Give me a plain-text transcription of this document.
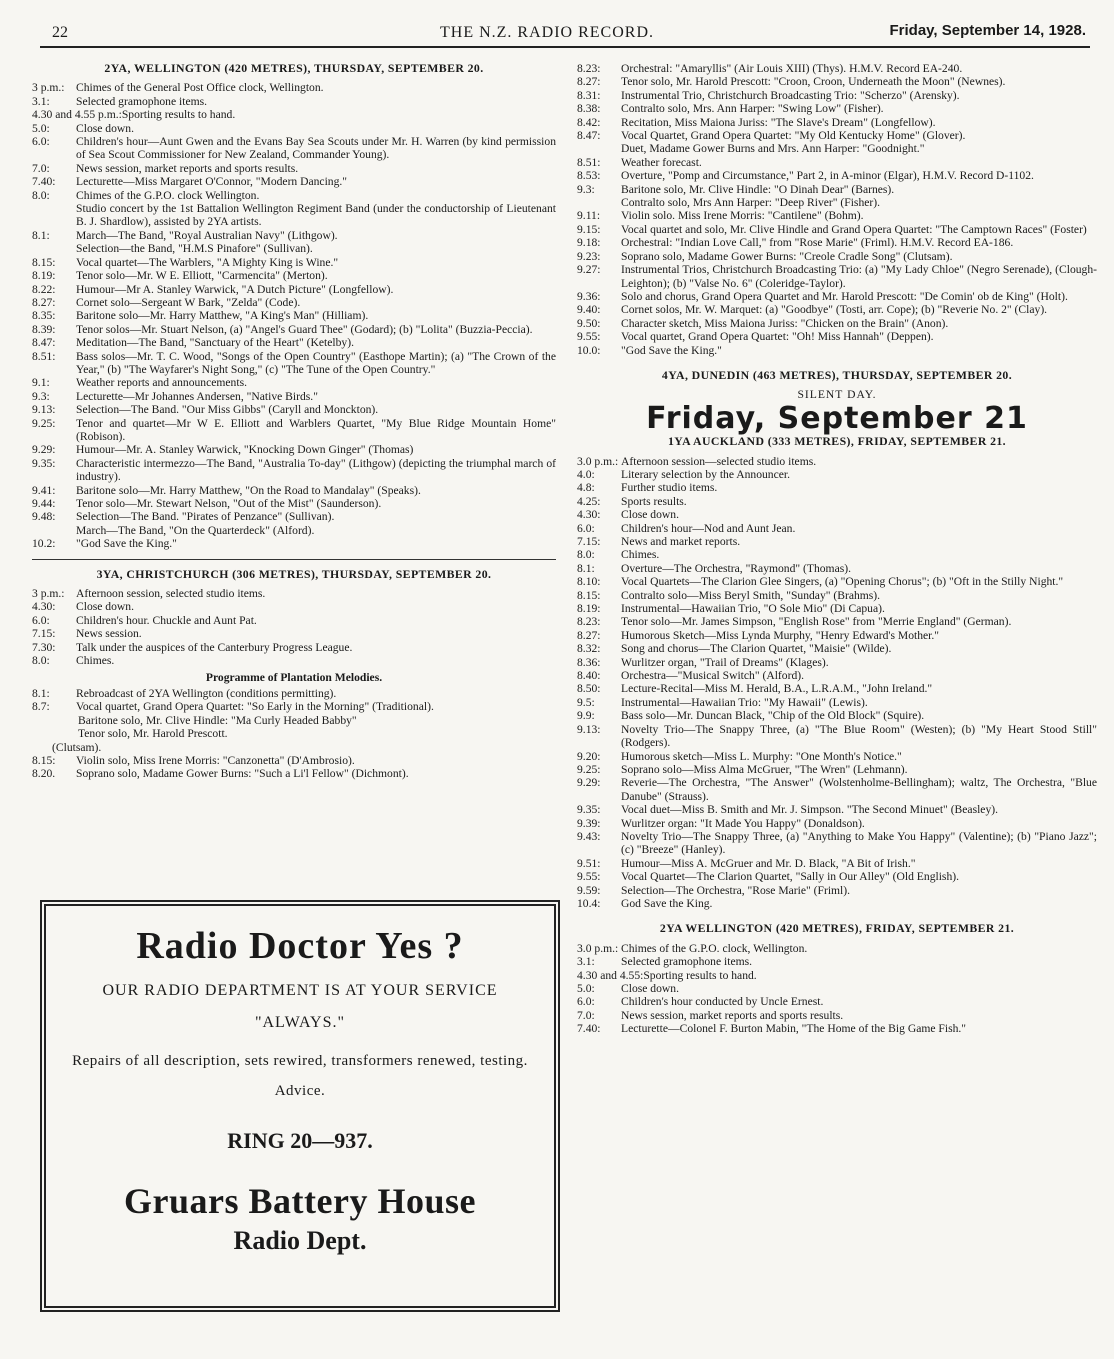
22	THE N.Z. RADIO RECORD.	Friday, September 14, 1928.
2YA, WELLINGTON (420 METRES), THURSDAY, SEPTEMBER 20.
3 p.m.: Chimes of the General Post Office clock, Wellington.
3.1:	Selected gramophone items.
4.30 and 4.55 p.m.: Sporting results to hand.
5.0:	Close down.
6.0:	Children's hour—Aunt Gwen and the Evans Bay Sea Scouts under Mr. H. Warren (by kind permission of Sea Scout Commissioner for New Zealand, Commander Young).
7.0:	News session, market reports and sports results.
7.40:	Lecturette—Miss Margaret O'Connor, "Modern Dancing."
8.0:	Chimes of the G.P.O. clock Wellington.
Studio concert by the 1st Battalion Wellington Regiment Band (under the conductorship of Lieutenant B. J. Shardlow), assisted by 2YA artists.
8.1:	March—The Band, "Royal Australian Navy" (Lithgow).
Selection—the Band, "H.M.S Pinafore" (Sullivan).
8.15:	Vocal quartet—The Warblers, "A Mighty King is Wine."
8.19:	Tenor solo—Mr. W E. Elliott, "Carmencita" (Merton).
8.22:	Humour—Mr A. Stanley Warwick, "A Dutch Picture" (Longfellow).
8.27:	Cornet solo—Sergeant W Bark, "Zelda" (Code).
8.35:	Baritone solo—Mr. Harry Matthew, "A King's Man" (Hilliam).
8.39:	Tenor solos—Mr. Stuart Nelson, (a) "Angel's Guard Thee" (Godard); (b) "Lolita" (Buzzia-Peccia).
8.47:	Meditation—The Band, "Sanctuary of the Heart" (Ketelby).
8.51:	Bass solos—Mr. T. C. Wood, "Songs of the Open Country" (Easthope Martin); (a) "The Crown of the Year," (b) "The Wayfarer's Night Song," (c) "The Tune of the Open Country."
9.1:	Weather reports and announcements.
9.3:	Lecturette—Mr Johannes Andersen, "Native Birds."
9.13:	Selection—The Band. "Our Miss Gibbs" (Caryll and Monckton).
9.25:	Tenor and quartet—Mr W E. Elliott and Warblers Quartet, "My Blue Ridge Mountain Home" (Robison).
9.29:	Humour—Mr. A. Stanley Warwick, "Knocking Down Ginger" (Thomas)
9.35:	Characteristic intermezzo—The Band, "Australia To-day" (Lithgow) (depicting the triumphal march of industry).
9.41:	Baritone solo—Mr. Harry Matthew, "On the Road to Mandalay" (Speaks).
9.44:	Tenor solo—Mr. Stewart Nelson, "Out of the Mist" (Saunderson).
9.48:	Selection—The Band. "Pirates of Penzance" (Sullivan).
March—The Band, "On the Quarterdeck" (Alford).
10.2:	"God Save the King."
3YA, CHRISTCHURCH (306 METRES), THURSDAY, SEPTEMBER 20.
3 p.m.: Afternoon session, selected studio items.
4.30:	Close down.
6.0:	Children's hour. Chuckle and Aunt Pat.
7.15:	News session.
7.30:	Talk under the auspices of the Canterbury Progress League.
8.0:	Chimes.
Programme of Plantation Melodies.
8.1:	Rebroadcast of 2YA Wellington (conditions permitting).
8.7:	Vocal quartet, Grand Opera Quartet: "So Early in the Morning" (Traditional).
Baritone solo, Mr. Clive Hindle: "Ma Curly Headed Babby"
Tenor solo, Mr. Harold Prescott.
(Clutsam).
8.15:	Violin solo, Miss Irene Morris: "Canzonetta" (D'Ambrosio).
8.20.	Soprano solo, Madame Gower Burns: "Such a Li'l Fellow" (Dichmont).
Radio Doctor Yes ?
OUR RADIO DEPARTMENT IS AT YOUR SERVICE
"ALWAYS."
Repairs of all description, sets rewired, transformers renewed, testing. Advice.
RING 20—937.
Gruars Battery House
Radio Dept.
8.23:	Orchestral: "Amaryllis" (Air Louis XIII) (Thys). H.M.V. Record EA-240.
8.27:	Tenor solo, Mr. Harold Prescott: "Croon, Croon, Underneath the Moon" (Newnes).
8.31:	Instrumental Trio, Christchurch Broadcasting Trio: "Scherzo" (Arensky).
8.38:	Contralto solo, Mrs. Ann Harper: "Swing Low" (Fisher).
8.42:	Recitation, Miss Maiona Juriss: "The Slave's Dream" (Longfellow).
8.47:	Vocal Quartet, Grand Opera Quartet: "My Old Kentucky Home" (Glover).
Duet, Madame Gower Burns and Mrs. Ann Harper: "Goodnight."
8.51:	Weather forecast.
8.53:	Overture, "Pomp and Circumstance," Part 2, in A-minor (Elgar), H.M.V. Record D-1102.
9.3:	Baritone solo, Mr. Clive Hindle: "O Dinah Dear" (Barnes).
Contralto solo, Mrs Ann Harper: "Deep River" (Fisher).
9.11:	Violin solo. Miss Irene Morris: "Cantilene" (Bohm).
9.15:	Vocal quartet and solo, Mr. Clive Hindle and Grand Opera Quartet: "The Camptown Races" (Foster)
9.18:	Orchestral: "Indian Love Call," from "Rose Marie" (Friml). H.M.V. Record EA-186.
9.23:	Soprano solo, Madame Gower Burns: "Creole Cradle Song" (Clutsam).
9.27:	Instrumental Trios, Christchurch Broadcasting Trio: (a) "My Lady Chloe" (Negro Serenade), (Clough-Leighton); (b) "Valse No. 6" (Coleridge-Taylor).
9.36:	Solo and chorus, Grand Opera Quartet and Mr. Harold Prescott: "De Comin' ob de King" (Holt).
9.40:	Cornet solos, Mr. W. Marquet: (a) "Goodbye" (Tosti, arr. Cope); (b) "Reverie No. 2" (Clay).
9.50:	Character sketch, Miss Maiona Juriss: "Chicken on the Brain" (Anon).
9.55:	Vocal quartet, Grand Opera Quartet: "Oh! Miss Hannah" (Deppen).
10.0:	"God Save the King."
4YA, DUNEDIN (463 METRES), THURSDAY, SEPTEMBER 20.
SILENT DAY.
Friday, September 21
1YA AUCKLAND (333 METRES), FRIDAY, SEPTEMBER 21.
3.0 p.m.: Afternoon session—selected studio items.
4.0:	Literary selection by the Announcer.
4.8:	Further studio items.
4.25:	Sports results.
4.30:	Close down.
6.0:	Children's hour—Nod and Aunt Jean.
7.15:	News and market reports.
8.0:	Chimes.
8.1:	Overture—The Orchestra, "Raymond" (Thomas).
8.10:	Vocal Quartets—The Clarion Glee Singers, (a) "Opening Chorus"; (b) "Oft in the Stilly Night."
8.15:	Contralto solo—Miss Beryl Smith, "Sunday" (Brahms).
8.19:	Instrumental—Hawaiian Trio, "O Sole Mio" (Di Capua).
8.23:	Tenor solo—Mr. James Simpson, "English Rose" from "Merrie England" (German).
8.27:	Humorous Sketch—Miss Lynda Murphy, "Henry Edward's Mother."
8.32:	Song and chorus—The Clarion Quartet, "Maisie" (Wilde).
8.36:	Wurlitzer organ, "Trail of Dreams" (Klages).
8.40:	Orchestra—"Musical Switch" (Alford).
8.50:	Lecture-Recital—Miss M. Herald, B.A., L.R.A.M., "John Ireland."
9.5:	Instrumental—Hawaiian Trio: "My Hawaii" (Lewis).
9.9:	Bass solo—Mr. Duncan Black, "Chip of the Old Block" (Squire).
9.13:	Novelty Trio—The Snappy Three, (a) "The Blue Room" (Westen); (b) "My Heart Stood Still" (Rodgers).
9.20:	Humorous sketch—Miss L. Murphy: "One Month's Notice."
9.25:	Soprano solo—Miss Alma McGruer, "The Wren" (Lehmann).
9.29:	Reverie—The Orchestra, "The Answer" (Wolstenholme-Bellingham); waltz, The Orchestra, "Blue Danube" (Strauss).
9.35:	Vocal duet—Miss B. Smith and Mr. J. Simpson. "The Second Minuet" (Beasley).
9.39:	Wurlitzer organ: "It Made You Happy" (Donaldson).
9.43:	Novelty Trio—The Snappy Three, (a) "Anything to Make You Happy" (Valentine); (b) "Piano Jazz"; (c) "Breeze" (Hanley).
9.51:	Humour—Miss A. McGruer and Mr. D. Black, "A Bit of Irish."
9.55:	Vocal Quartet—The Clarion Quartet, "Sally in Our Alley" (Old English).
9.59:	Selection—The Orchestra, "Rose Marie" (Friml).
10.4:	God Save the King.
2YA WELLINGTON (420 METRES), FRIDAY, SEPTEMBER 21.
3.0 p.m.: Chimes of the G.P.O. clock, Wellington.
3.1:	Selected gramophone items.
4.30 and 4.55: Sporting results to hand.
5.0:	Close down.
6.0:	Children's hour conducted by Uncle Ernest.
7.0:	News session, market reports and sports results.
7.40:	Lecturette—Colonel F. Burton Mabin, "The Home of the Big Game Fish."
